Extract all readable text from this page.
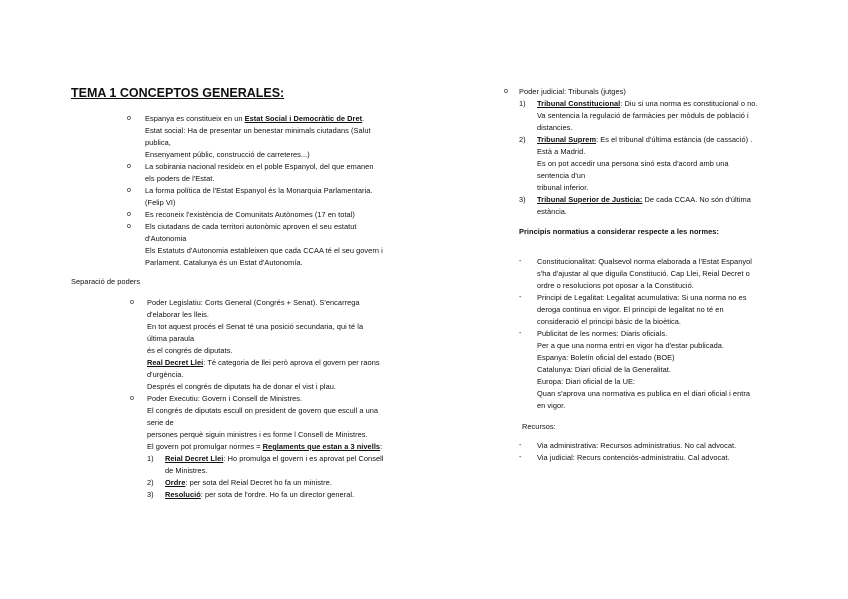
TEMA 1 CONCEPTOS GENERALES:
o Espanya es constitueix en un Estat Social i Democràtic de Dret.
Estat social: Ha de presentar un benestar minimals ciutadans (Salut
publica,
Ensenyament públic, construcció de carreteres...)
o La sobirania nacional resideix en el poble Espanyol, del que emanen
els poders de l'Estat.
o La forma política de l'Estat Espanyol és la Monarquia Parlamentaria.
(Felip VI)
o Es reconeix l'existència de Comunitats Autònomes (17 en total)
o Els ciutadans de cada territori autonòmic aproven el seu estatut
d'Autonomia
Els Estatuts d'Autonomia estableixen que cada CCAA té el seu govern i
Parlament. Catalunya és un Estat d'Autonomía.
Separació de poders
o Poder Legislatiu: Corts General (Congrés + Senat). S'encarrega
d'elaborar les lleis.
En tot aquest procés el Senat té una posició secundaria, qui té la
última paraula
és el congrés de diputats.
Real Decret Llei: Té categoria de llei però aprova el govern per raons
d'urgència.
Després el congrés de diputats ha de donar el vist i plau.
o Poder Executiu: Govern i Consell de Ministres.
El congrés de diputats escull on president de govern que escull a una
serie de
persones perquè siguin ministres i es forme l Consell de Ministres.
El govern pot promulgar normes = Reglaments que estan a 3 nivells:
1) Reial Decret Llei: Ho promulga el govern i es aprovat pel Consell
de Ministres.
2) Ordre: per sota del Reial Decret ho fa un ministre.
3) Resolució: per sota de l'ordre. Ho fa un director general.
o Poder judicial: Tribunals (jutges)
1) Tribunal Constitucional: Diu si una norma es constitucional o no.
Va sentencia la regulació de farmàcies per mòduls de població i
distancies.
2) Tribunal Suprem: Es el tribunal d'última estància (de cassació) .
Està a Madrid.
Es on pot accedir una persona sinó esta d'acord amb una
sentencia d'un
tribunal inferior.
3) Tribunal Superior de Justicia: De cada CCAA. No són d'última
estància.
Principis normatius a considerar respecte a les normes:
- Constitucionalitat: Qualsevol norma elaborada a l'Estat Espanyol
s'ha d'ajustar al que diguila Constitució. Cap Llei, Reial Decret o
ordre o resolucions pot oposar a la Constitució.
- Principi de Legalitat: Legalitat acumulativa: Si una norma no es
deroga continua en vigor. El principi de legalitat no té en
consideració el principi bàsic de la bioètica.
- Publicitat de les normes: Diaris oficials.
Per a que una norma entri en vigor ha d'estar publicada.
Espanya: Boletín oficial del estado (BOE)
Catalunya: Diari oficial de la Generalitat.
Europa: Diari oficial de la UE:
Quan s'aprova una normativa es publica en el diari oficial i entra
en vigor.
Recursos:
- Via administrativa: Recursos administratius. No cal advocat.
- Via judicial: Recurs contenciós-administratiu. Cal advocat.
